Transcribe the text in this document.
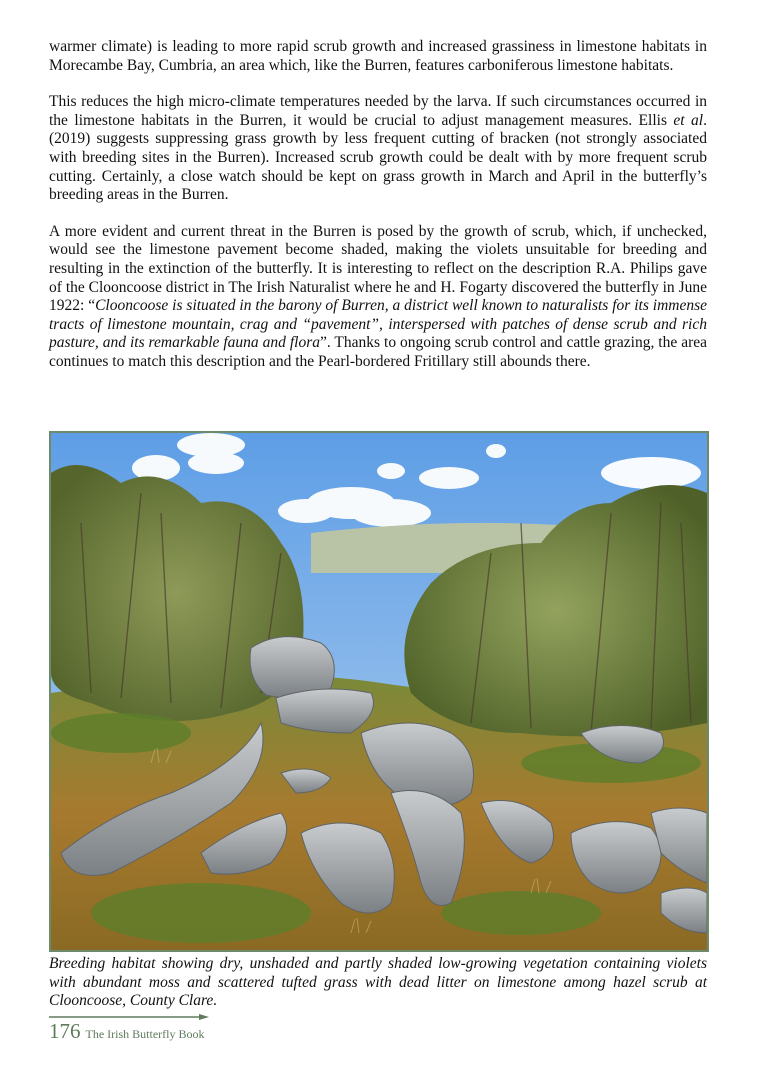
warmer climate) is leading to more rapid scrub growth and increased grassiness in limestone habitats in Morecambe Bay, Cumbria, an area which, like the Burren, features carboniferous limestone habitats.

This reduces the high micro-climate temperatures needed by the larva. If such circumstances occurred in the limestone habitats in the Burren, it would be crucial to adjust management measures. Ellis et al. (2019) suggests suppressing grass growth by less frequent cutting of bracken (not strongly associated with breeding sites in the Burren). Increased scrub growth could be dealt with by more frequent scrub cutting. Certainly, a close watch should be kept on grass growth in March and April in the butterfly’s breeding areas in the Burren.

A more evident and current threat in the Burren is posed by the growth of scrub, which, if unchecked, would see the limestone pavement become shaded, making the violets unsuitable for breeding and resulting in the extinction of the butterfly. It is interesting to reflect on the description R.A. Philips gave of the Clooncoose district in The Irish Naturalist where he and H. Fogarty discovered the butterfly in June 1922: “Clooncoose is situated in the barony of Burren, a district well known to naturalists for its immense tracts of limestone mountain, crag and “pavement”, interspersed with patches of dense scrub and rich pasture, and its remarkable fauna and flora”. Thanks to ongoing scrub control and cattle grazing, the area continues to match this description and the Pearl-bordered Fritillary still abounds there.

Breeding habitat showing dry, unshaded and partly shaded low-growing vegetation containing violets with abundant moss and scattered tufted grass with dead litter on limestone among hazel scrub at Clooncoose, County Clare.

176 The Irish Butterfly Book
